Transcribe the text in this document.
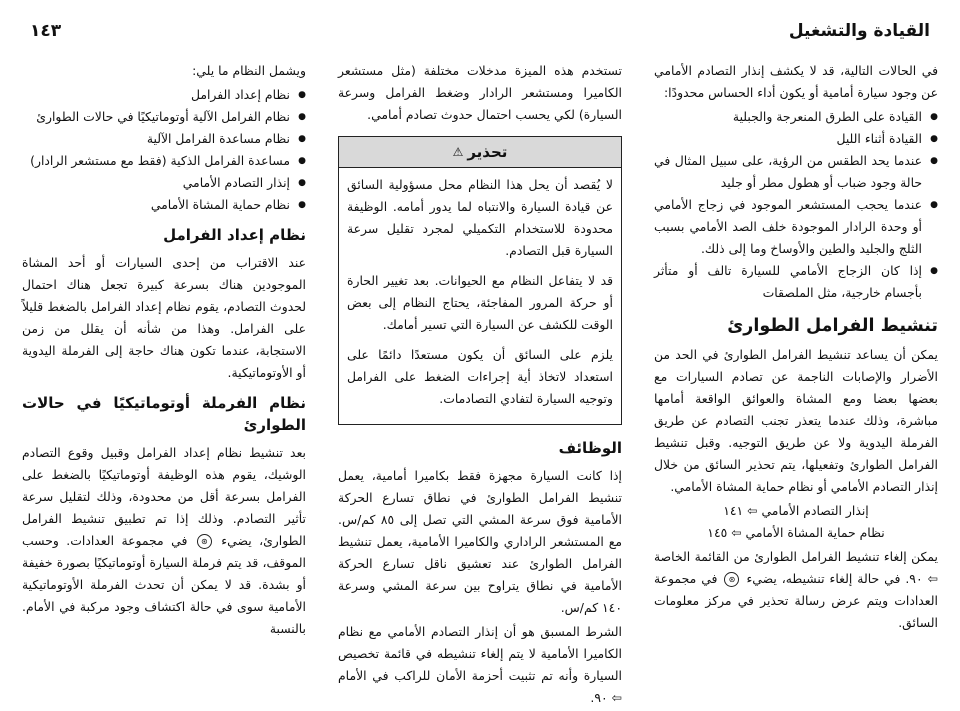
القيادة والتشغيل
١٤٣

في الحالات التالية، قد لا يكشف إنذار التصادم الأمامي عن وجود سيارة أمامية أو يكون أداء الحساس محدودًا:

● القيادة على الطرق المنعرجة والجبلية
● القيادة أثناء الليل
● عندما يحد الطقس من الرؤية، على سبيل المثال في حالة وجود ضباب أو هطول مطر أو جليد
● عندما يحجب المستشعر الموجود في زجاج الأمامي أو وحدة الرادار الموجودة خلف الصد الأمامي بسبب الثلج والجليد والطين والأوساخ وما إلى ذلك.
● إذا كان الزجاج الأمامي للسيارة تالف أو متأثر بأجسام خارجية، مثل الملصقات
تنشيط الفرامل الطوارئ

يمكن أن يساعد تنشيط الفرامل الطوارئ في الحد من الأضرار والإصابات الناجمة عن تصادم السيارات مع بعضها بعضا ومع المشاة والعوائق الواقعة أمامها مباشرة، وذلك عندما يتعذر تجنب التصادم عن طريق الفرملة اليدوية ولا عن طريق التوجيه. وقبل تنشيط الفرامل الطوارئ وتفعيلها، يتم تحذير السائق من خلال إنذار التصادم الأمامي أو نظام حماية المشاة الأمامي.

إنذار التصادم الأمامي ⇦ ١٤١

نظام حماية المشاة الأمامي ⇦ ١٤٥

يمكن إلغاء تنشيط الفرامل الطوارئ من القائمة الخاصة ⇦ ٩٠. في حالة إلغاء تنشيطه، يضيء ⊛ في مجموعة العدادات ويتم عرض رسالة تحذير في مركز معلومات السائق.

تستخدم هذه الميزة مدخلات مختلفة (مثل مستشعر الكاميرا ومستشعر الرادار وضغط الفرامل وسرعة السيارة) لكي يحسب احتمال حدوث تصادم أمامي.

تحذير
⚠

لا يُقصد أن يحل هذا النظام محل مسؤولية السائق عن قيادة السيارة والانتباه لما يدور أمامه. الوظيفة محدودة للاستخدام التكميلي لمجرد تقليل سرعة السيارة قبل التصادم.

قد لا يتفاعل النظام مع الحيوانات. بعد تغيير الحارة أو حركة المرور المفاجئة، يحتاج النظام إلى بعض الوقت للكشف عن السيارة التي تسير أمامك.

يلزم على السائق أن يكون مستعدًا دائمًا على استعداد لاتخاذ أية إجراءات الضغط على الفرامل وتوجيه السيارة لتفادي التصادمات.

الوظائف

إذا كانت السيارة مجهزة فقط بكاميرا أمامية، يعمل تنشيط الفرامل الطوارئ في نطاق تسارع الحركة الأمامية فوق سرعة المشي التي تصل إلى ٨٥ كم/س. مع المستشعر الراداري والكاميرا الأمامية، يعمل تنشيط الفرامل الطوارئ عند تعشيق ناقل تسارع الحركة الأمامية في نطاق يتراوح بين سرعة المشي وسرعة ١٤٠ كم/س.

الشرط المسبق هو أن إنذار التصادم الأمامي مع نظام الكاميرا الأمامية لا يتم إلغاء تنشيطه في قائمة تخصيص السيارة وأنه تم تثبيت أحزمة الأمان للراكب في الأمام ⇦ ٩٠.

ويشمل النظام ما يلي:

● نظام إعداد الفرامل
● نظام الفرامل الآلية أوتوماتيكيًا في حالات الطوارئ
● نظام مساعدة الفرامل الآلية
● مساعدة الفرامل الذكية (فقط مع مستشعر الرادار)
● إنذار التصادم الأمامي
● نظام حماية المشاة الأمامي
نظام إعداد الفرامل

عند الاقتراب من إحدى السيارات أو أحد المشاة الموجودين هناك بسرعة كبيرة تجعل هناك احتمال لحدوث التصادم، يقوم نظام إعداد الفرامل بالضغط قليلاً على الفرامل. وهذا من شأنه أن يقلل من زمن الاستجابة، عندما تكون هناك حاجة إلى الفرملة اليدوية أو الأوتوماتيكية.

نظام الفرملة أوتوماتيكيًا في حالات الطوارئ

بعد تنشيط نظام إعداد الفرامل وقبيل وقوع التصادم الوشيك، يقوم هذه الوظيفة أوتوماتيكيًا بالضغط على الفرامل بسرعة أقل من محدودة، وذلك لتقليل سرعة تأثير التصادم. وذلك إذا تم تطبيق تنشيط الفرامل الطوارئ، يضيء ⊛ في مجموعة العدادات. وحسب الموقف، قد يتم فرملة السيارة أوتوماتيكيًا بصورة خفيفة أو بشدة. قد لا يمكن أن تحدث الفرملة الأوتوماتيكية الأمامية سوى في حالة اكتشاف وجود مركبة في الأمام. بالنسبة
